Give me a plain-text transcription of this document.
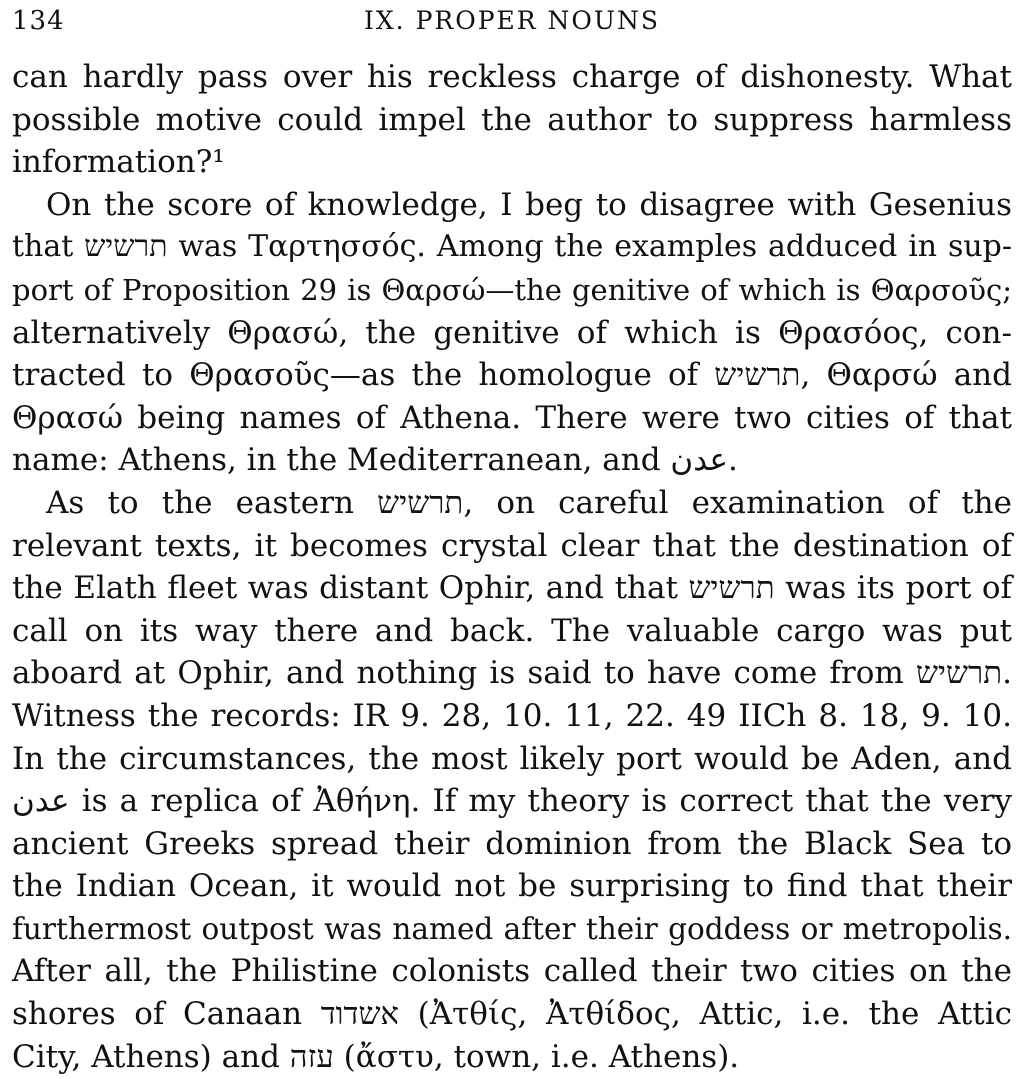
134	IX. PROPER NOUNS
can hardly pass over his reckless charge of dishonesty. What
possible motive could impel the author to suppress harmless
information?¹
On the score of knowledge, I beg to disagree with Gesenius
that תרשיש was Ταρτησσός. Among the examples adduced in sup-
port of Proposition 29 is Θαρσώ—the genitive of which is Θαρσοῦς;
alternatively Θρασώ, the genitive of which is Θρασόος, con-
tracted to Θρασοῦς—as the homologue of תרשיש, Θαρσώ and
Θρασώ being names of Athena. There were two cities of that
name: Athens, in the Mediterranean, and عدن.
As to the eastern תרשיש, on careful examination of the
relevant texts, it becomes crystal clear that the destination of
the Elath fleet was distant Ophir, and that תרשיש was its port of
call on its way there and back. The valuable cargo was put
aboard at Ophir, and nothing is said to have come from תרשיש.
Witness the records: IR 9. 28, 10. 11, 22. 49 IICh 8. 18, 9. 10.
In the circumstances, the most likely port would be Aden, and
عدن is a replica of Ἀθήνη. If my theory is correct that the very
ancient Greeks spread their dominion from the Black Sea to
the Indian Ocean, it would not be surprising to find that their
furthermost outpost was named after their goddess or metropolis.
After all, the Philistine colonists called their two cities on the
shores of Canaan אשדוד (Ἀτθίς, Ἀτθίδος, Attic, i.e. the Attic
City, Athens) and עזה (ἄστυ, town, i.e. Athens).
